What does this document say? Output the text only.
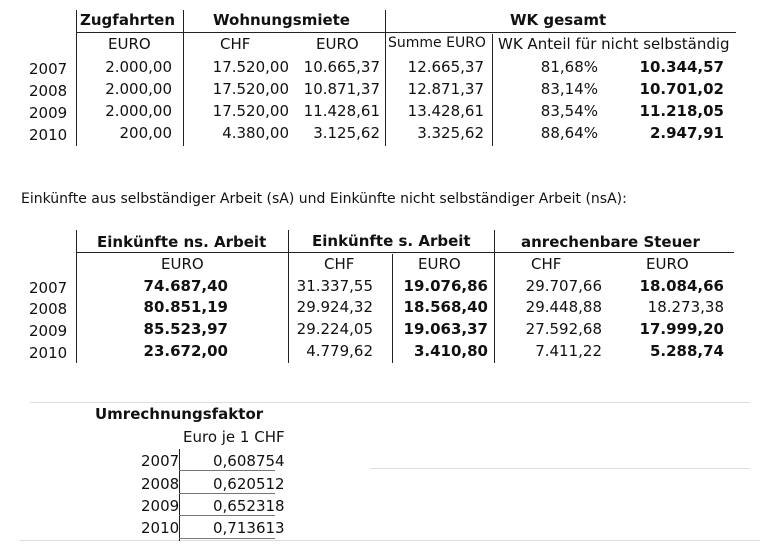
Zugfahrten	Wohnungsmiete	WK gesamt
EURO	CHF	EURO Summe EURO WK Anteil für nicht selbständig
2007	2.000,00	17.520,00 10.665,37 12.665,37	81,68%	10.344,57
2008	2.000,00	17.520,00 10.871,37 12.871,37	83,14%	10.701,02
2009	2.000,00	17.520,00 11.428,61 13.428,61	83,54%	11.218,05
2010	200,00	4.380,00 3.125,62 3.325,62	88,64%	2.947,91
Einkünfte aus selbständiger Arbeit (sA) und Einkünfte nicht selbständiger Arbeit (nsA):
Einkünfte ns. Arbeit	Einkünfte s. Arbeit	anrechenbare Steuer
EURO	CHF	EURO	CHF	EURO
2007	74.687,40	31.337,55 19.076,86	29.707,66	18.084,66
2008	80.851,19	29.924,32 18.568,40	29.448,88	18.273,38
2009	85.523,97	29.224,05 19.063,37	27.592,68	17.999,20
2010	23.672,00	4.779,62	3.410,80	7.411,22	5.288,74
Umrechnungsfaktor
Euro je 1 CHF
2007 0,608754
2008 0,620512
2009 0,652318
2010 0,713613
